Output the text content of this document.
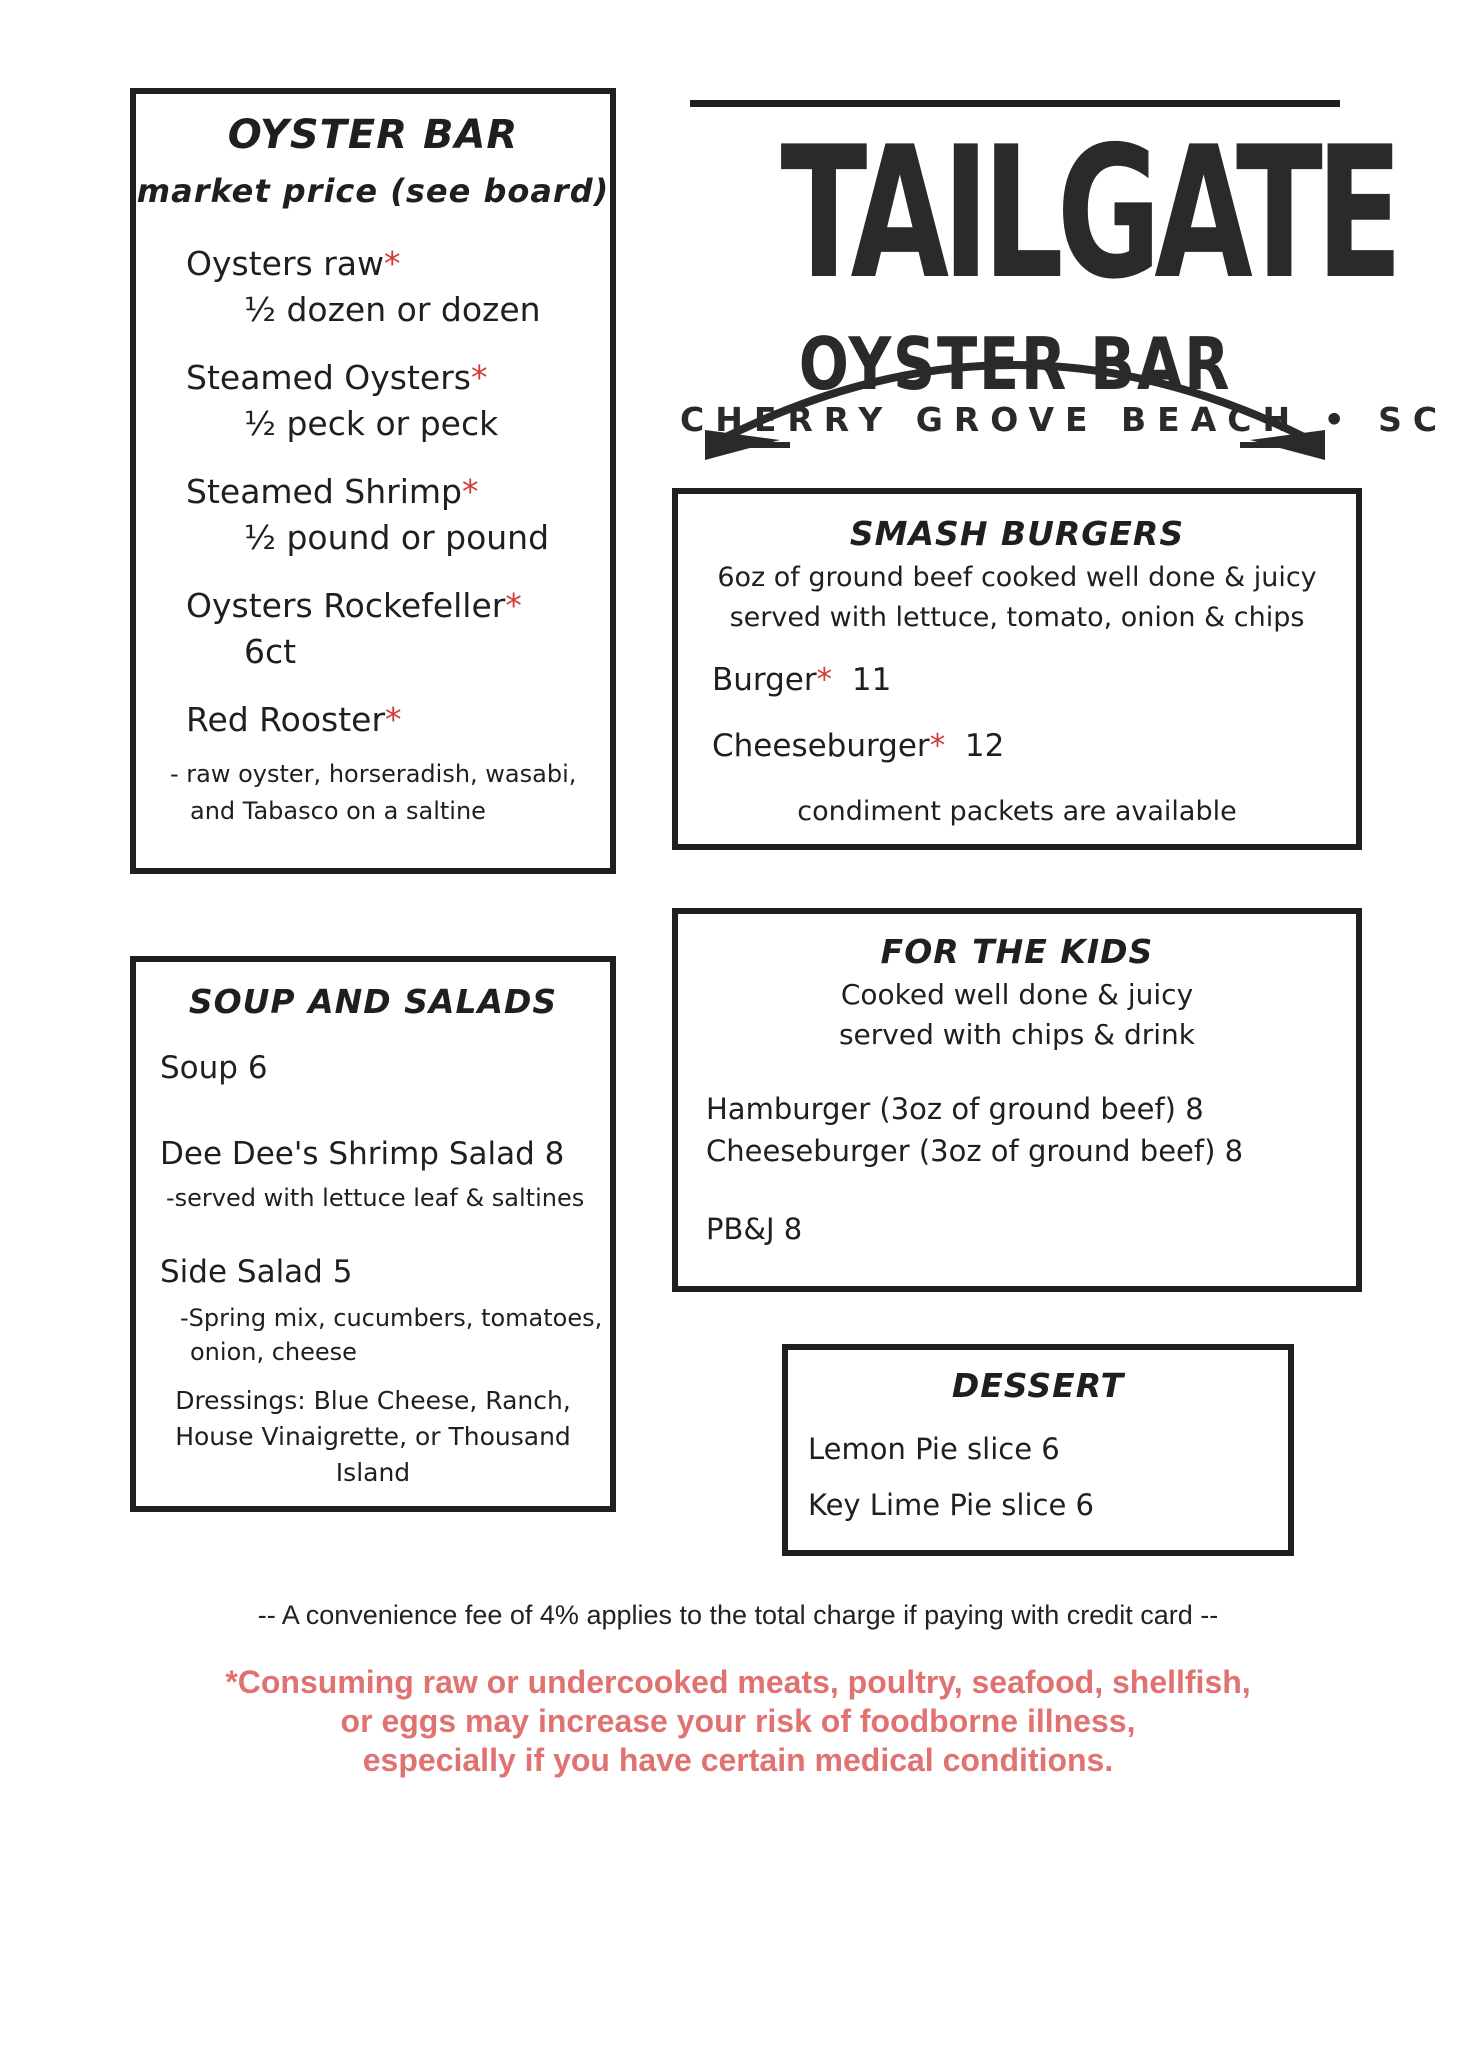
OYSTER BAR
market price (see board)
Oysters raw*
½ dozen or dozen
Steamed Oysters*
½ peck or peck
Steamed Shrimp*
½ pound or pound
Oysters Rockefeller*
6ct
Red Rooster*
- raw oyster, horseradish, wasabi,
and Tabasco on a saltine
TAILGATE
OYSTER BAR
CHERRY GROVE BEACH • SC
SMASH BURGERS
6oz of ground beef cooked well done & juicy
served with lettuce, tomato, onion & chips
Burger* 11
Cheeseburger* 12
condiment packets are available
SOUP AND SALADS
Soup 6
Dee Dee's Shrimp Salad 8
-served with lettuce leaf & saltines
Side Salad 5
-Spring mix, cucumbers, tomatoes,
onion, cheese
Dressings: Blue Cheese, Ranch,
House Vinaigrette, or Thousand
Island
FOR THE KIDS
Cooked well done & juicy
served with chips & drink
Hamburger (3oz of ground beef) 8
Cheeseburger (3oz of ground beef) 8
PB&J 8
DESSERT
Lemon Pie slice 6
Key Lime Pie slice 6
-- A convenience fee of 4% applies to the total charge if paying with credit card --
*Consuming raw or undercooked meats, poultry, seafood, shellfish,
or eggs may increase your risk of foodborne illness,
especially if you have certain medical conditions.
